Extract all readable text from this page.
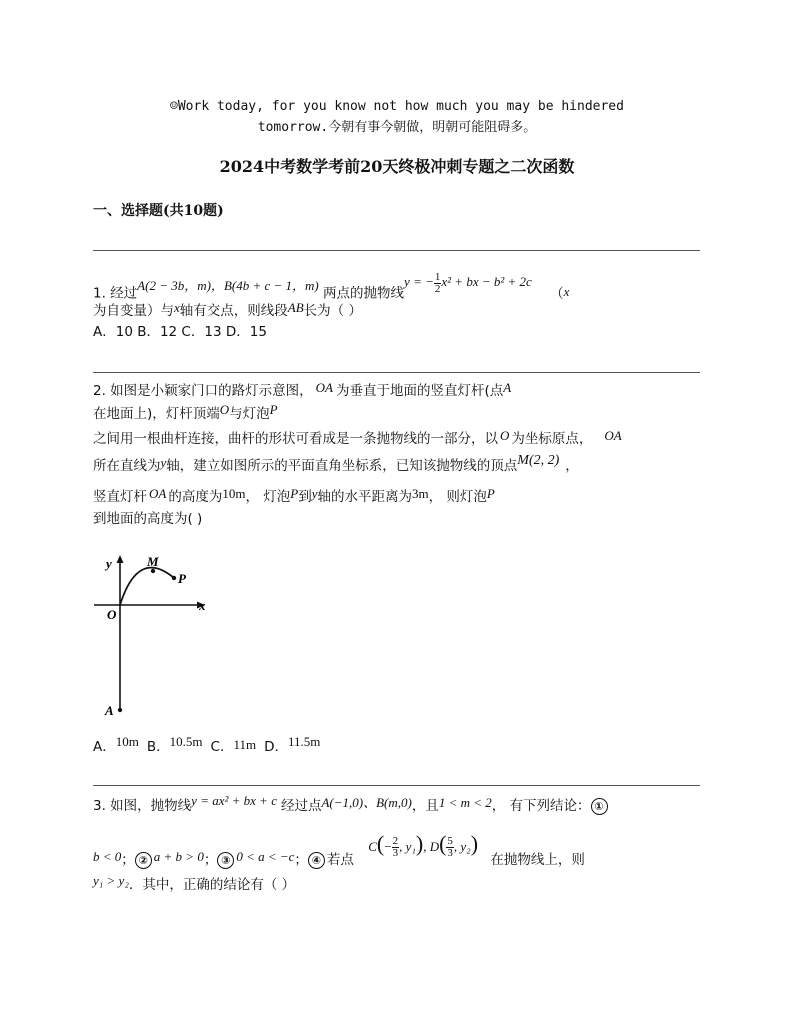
☺Work today, for you know not how much you may be hindered
tomorrow.今朝有事今朝做，明朝可能阻碍多。
2024中考数学考前20天终极冲刺专题之二次函数
一、选择题(共10题)
1. 经过A(2 − 3b，m)，B(4b + c − 1，m) 两点的抛物线y = − $\frac{1}{2} x^2$ + bx − b² + 2c （x
为自变量）与x轴有交点，则线段AB长为（ ）
A．10 B．12 C．13 D．15
2. 如图是小颖家门口的路灯示意图， OA 为垂直于地面的竖直灯杆(点A
在地面上)，灯杆顶端O与灯泡P
之间用一根曲杆连接，曲杆的形状可看成是一条抛物线的一部分，以 O 为坐标原点， OA
所在直线为y轴，建立如图所示的平面直角坐标系，已知该抛物线的顶点M(2, 2) ，
竖直灯杆 OA 的高度为10m， 灯泡P到y轴的水平距离为3m， 则灯泡P
到地面的高度为( )
y
x
M
P
O
A
A．10m B．10.5m C．11m D．11.5m
3. 如图，抛物线y = ax² + bx + c 经过点A(−1,0)、B(m,0)，且1 < m < 2， 有下列结论： ①
b < 0； ② a + b > 0； ③ 0 < a < −c； ④ 若点 $C(- \frac{2}{3}$ , y₁), $D( \frac{5}{3}$ , y₂) 在抛物线上，则
y₁ > y₂．其中，正确的结论有（ ）
